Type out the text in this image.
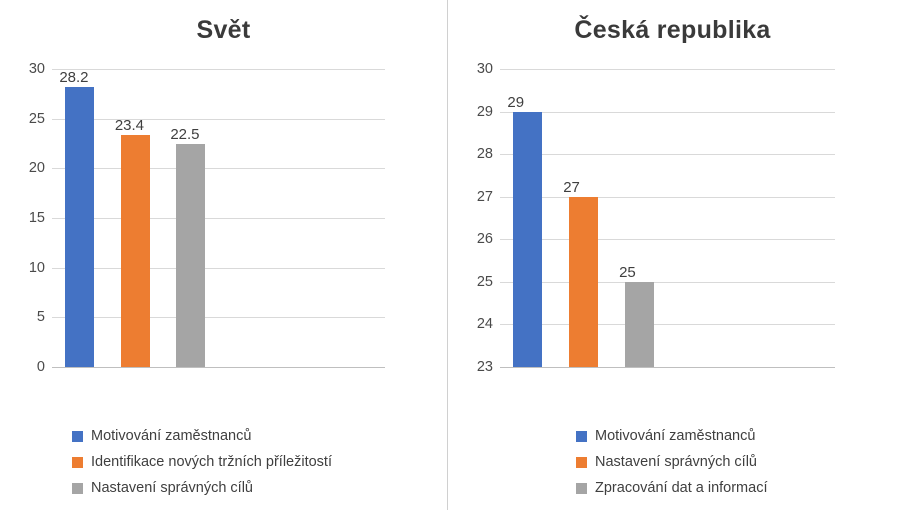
Svět
0
5
10
15
20
25
30 28.2
23.4
22.5
Motivování zaměstnanců
Identifikace nových tržních příležitostí
Nastavení správných cílů
Česká republika
23
24
25
26
27
28
29
30
29
27
25
Motivování zaměstnanců
Nastavení správných cílů
Zpracování dat a informací
